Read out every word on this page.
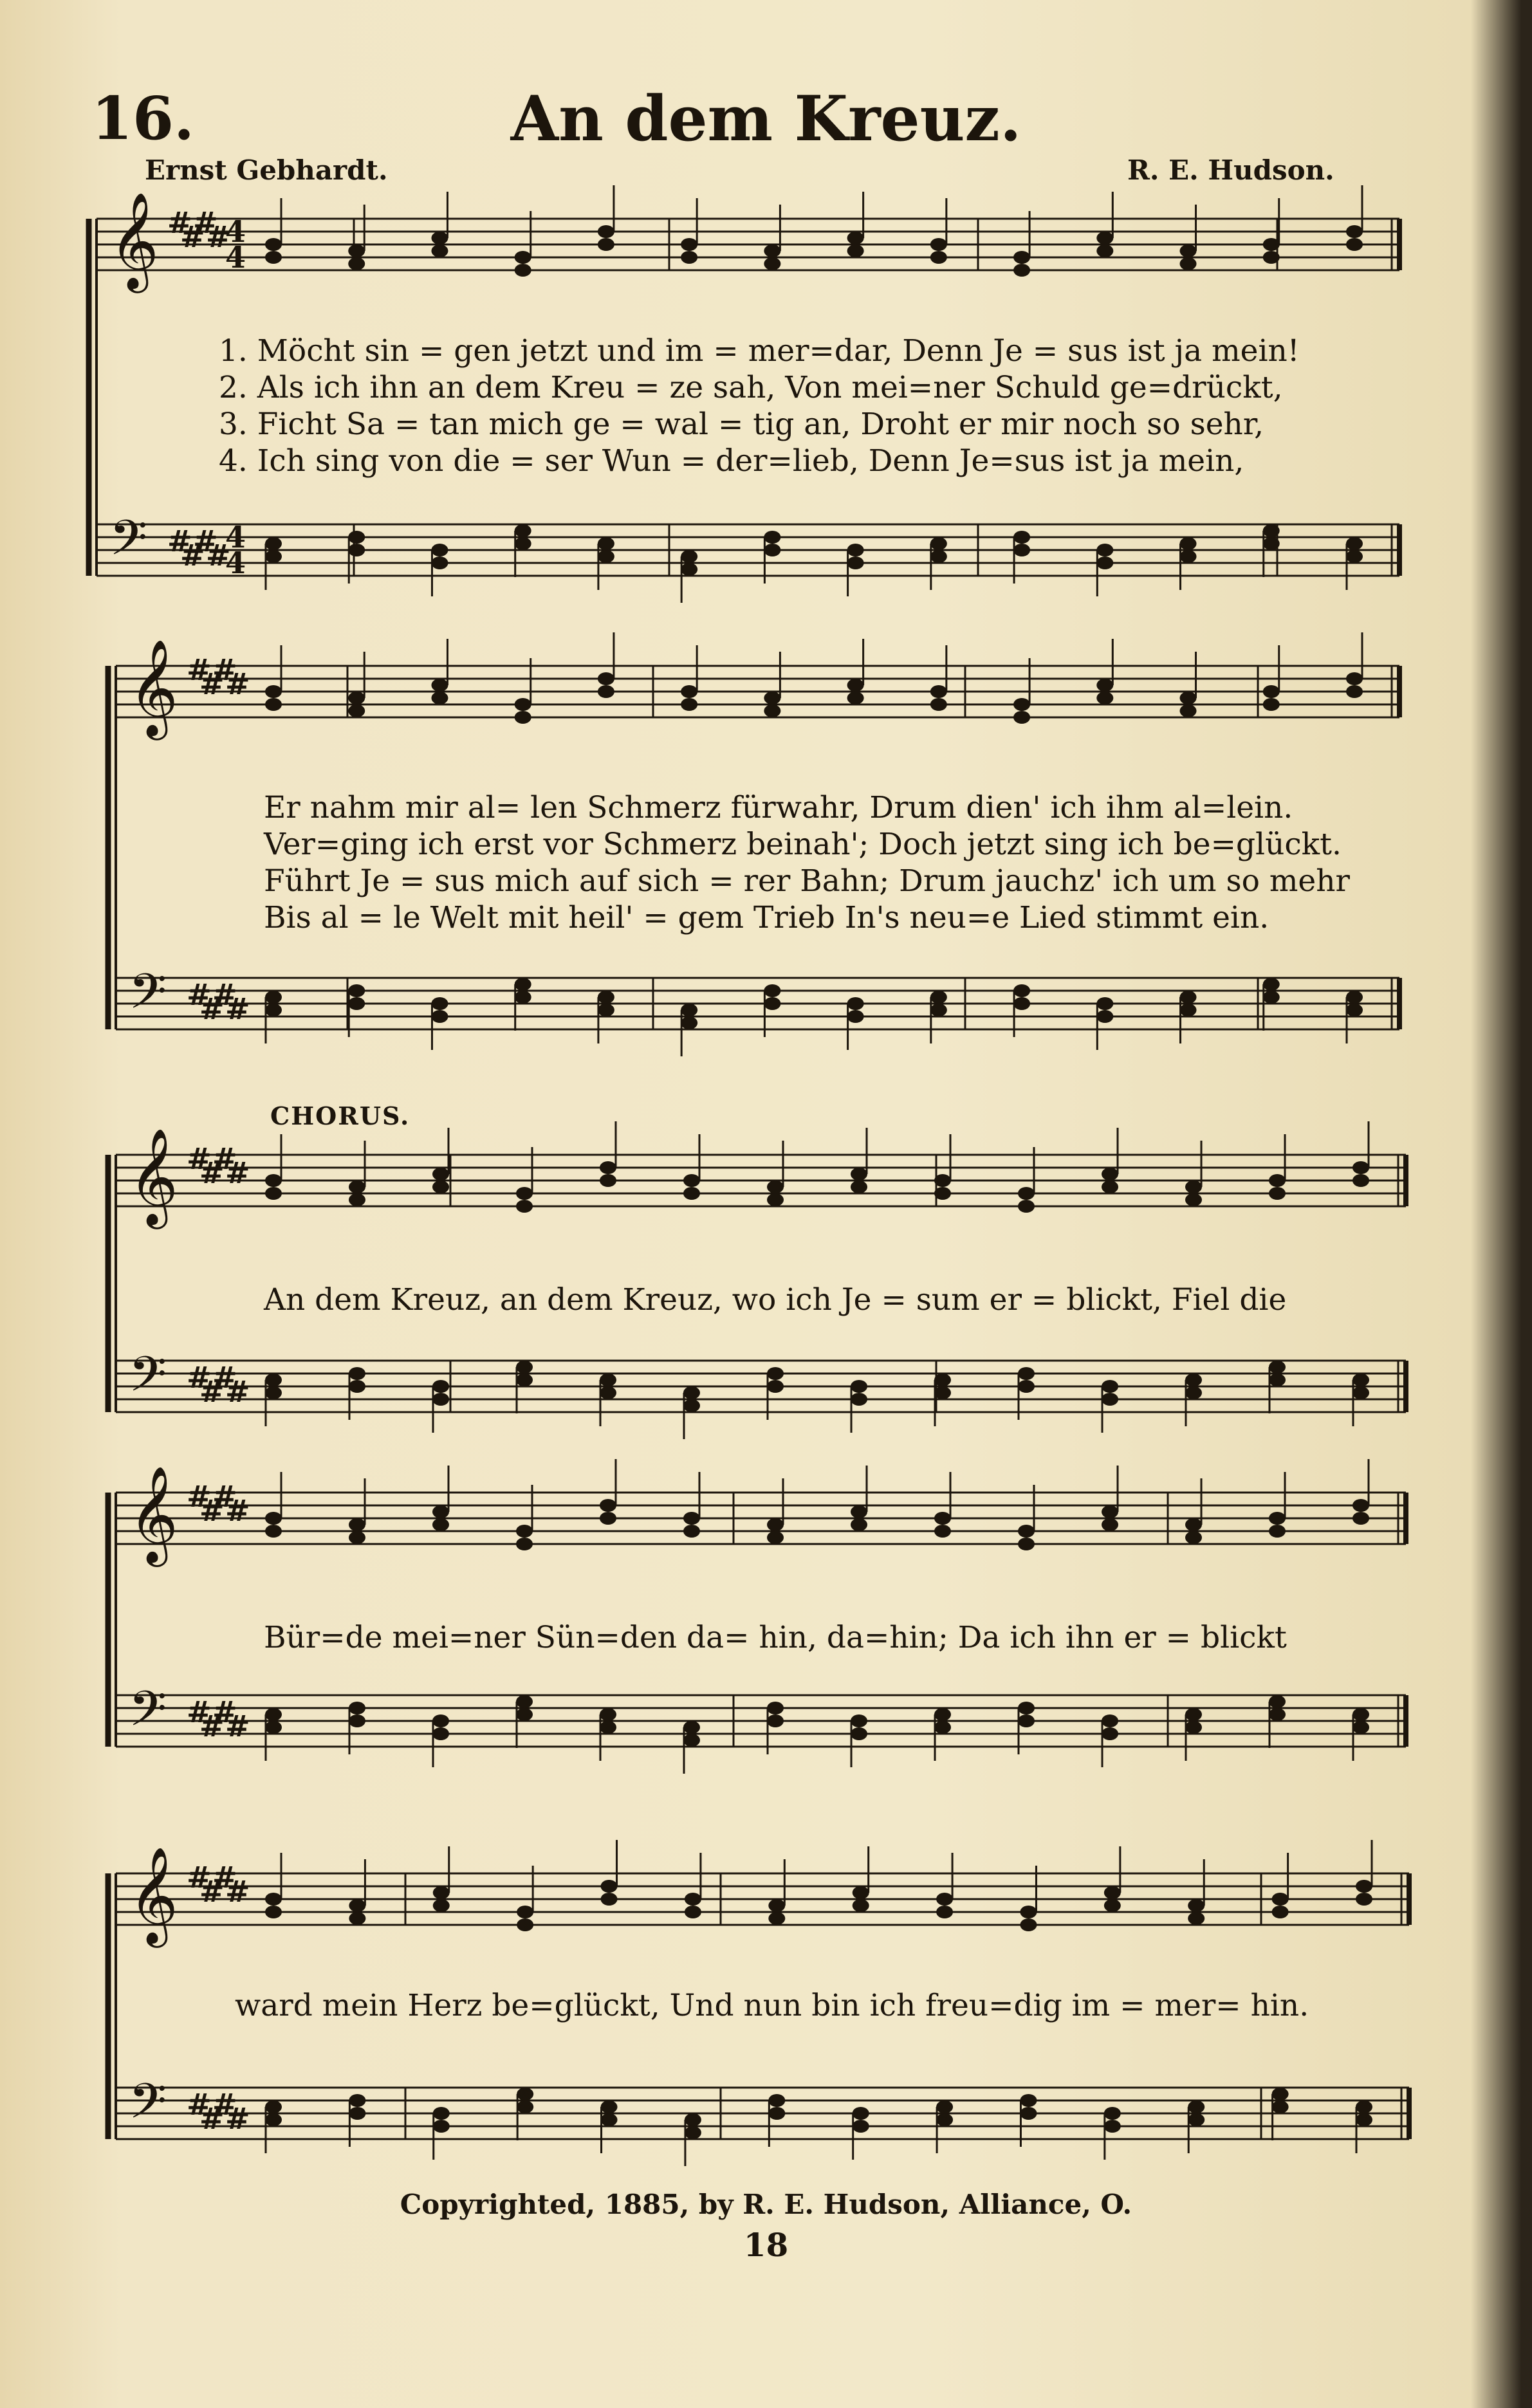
16.	An dem Kreuz.
Ernst Gebhardt.	R. E. Hudson.
𝄞
𝄢
#
#
#
#
#
#
#
#
4
4
4
4
𝄞
𝄢
#
#
#
#
#
#
#
#
𝄞
𝄢
#
#
#
#
#
#
#
#
𝄞
𝄢
#
#
#
#
#
#
#
#
𝄞
𝄢
#
#
#
#
#
#
#
#
1. Möcht sin = gen jetzt und im = mer=dar, Denn Je = sus ist ja mein!
2. Als ich ihn an dem Kreu = ze sah, Von mei=ner Schuld ge=drückt,
3. Ficht Sa = tan mich ge = wal = tig an, Droht er mir noch so sehr,
4. Ich sing von die = ser Wun = der=lieb, Denn Je=sus ist ja mein,
Er nahm mir al= len Schmerz fürwahr, Drum dien' ich ihm al=lein.
Ver=ging ich erst vor Schmerz beinah'; Doch jetzt sing ich be=glückt.
Führt Je = sus mich auf sich = rer Bahn; Drum jauchz' ich um so mehr
Bis al = le Welt mit heil' = gem Trieb In's neu=e Lied stimmt ein.
CHORUS.
An dem Kreuz, an dem Kreuz, wo ich Je = sum er = blickt, Fiel die
Bür=de mei=ner Sün=den da= hin, da=hin; Da ich ihn er = blickt
ward mein Herz be=glückt, Und nun bin ich freu=dig im = mer= hin.
Copyrighted, 1885, by R. E. Hudson, Alliance, O.
18
